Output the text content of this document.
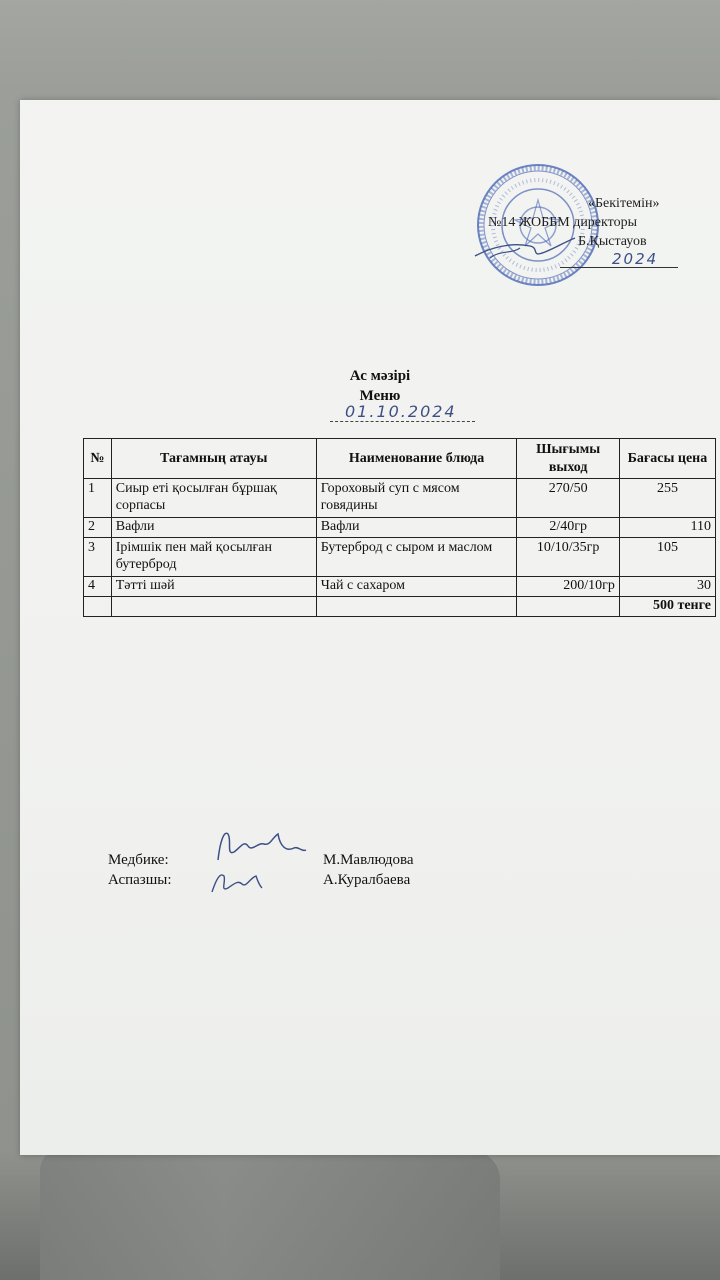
«Бекітемін»
№14 ЖОББМ директоры
Б.Қыстауов
2024
Ас мәзірі
Меню
01.10.2024
№	Тағамның атауы	Наименование блюда	Шығымы выход	Бағасы цена
1	Сиыр еті қосылған бұршақ сорпасы	Гороховый суп с мясом говядины	270/50	255
2	Вафли	Вафли	2/40гр	110
3	Ірімшік пен май қосылған бутерброд	Бутерброд с сыром и маслом	10/10/35гр	105
4	Тәтті шәй	Чай с сахаром	200/10гр	30
				500 тенге
Медбике:	М.Мавлюдова
Аспазшы:	А.Куралбаева
